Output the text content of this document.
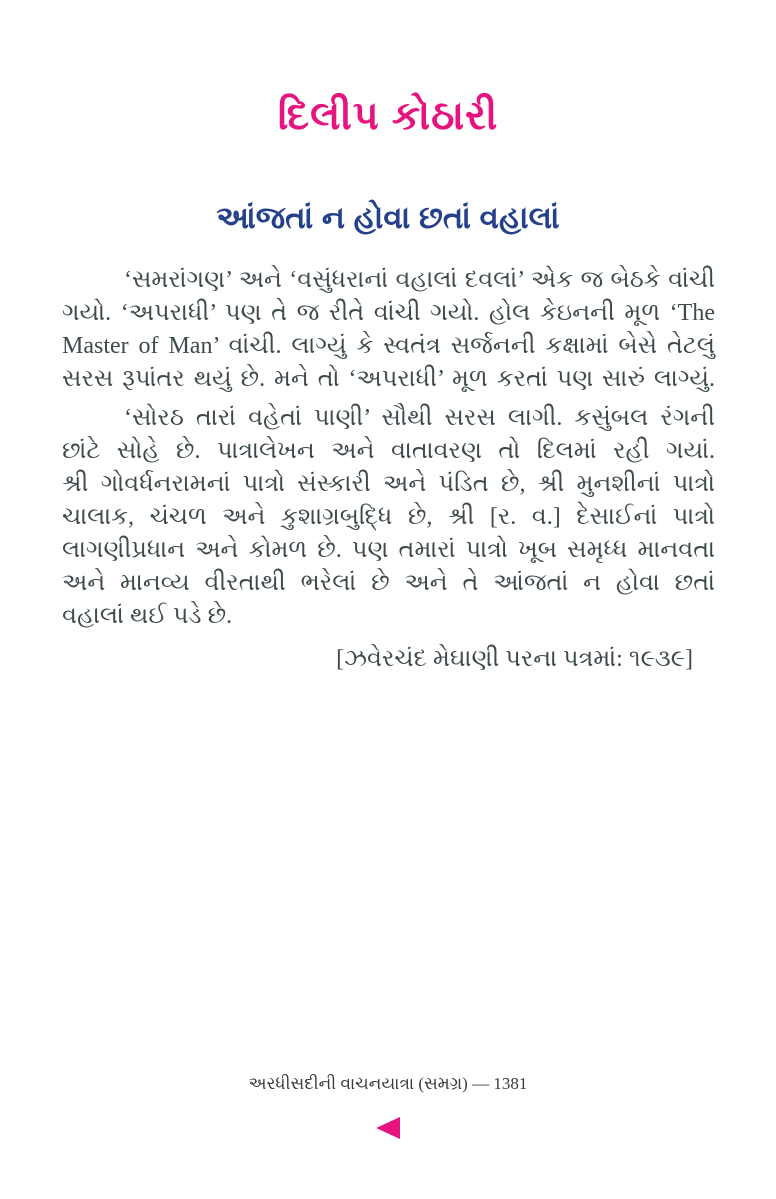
દિલીપ કોઠારી
આંજતાં ન હોવા છતાં વહાલાં
‘સમરાંગણ’ અને ‘વસુંધરાનાં વહાલાં દવલાં’ એક જ બેઠકે વાંચી
ગયો. ‘અપરાધી’ પણ તે જ રીતે વાંચી ગયો. હોલ કેઇનની મૂળ ‘The
Master of Man’ વાંચી. લાગ્યું કે સ્વતંત્ર સર્જનની કક્ષામાં બેસે તેટલું
સરસ રૂપાંતર થયું છે. મને તો ‘અપરાધી’ મૂળ કરતાં પણ સારું લાગ્યું.
‘સોરઠ તારાં વહેતાં પાણી’ સૌથી સરસ લાગી. કસુંબલ રંગની
છાંટે સોહે છે. પાત્રાલેખન અને વાતાવરણ તો દિલમાં રહી ગયાં.
શ્રી ગોવર્ધનરામનાં પાત્રો સંસ્કારી અને પંડિત છે, શ્રી મુનશીનાં પાત્રો
ચાલાક, ચંચળ અને કુશાગ્રબુદ્ધિ છે, શ્રી [ર. વ.] દેસાઈનાં પાત્રો
લાગણીપ્રધાન અને કોમળ છે. પણ તમારાં પાત્રો ખૂબ સમૃધ્ધ માનવતા
અને માનવ્ય વીરતાથી ભરેલાં છે અને તે આંજતાં ન હોવા છતાં
વહાલાં થઈ પડે છે.
[ઝવેરચંદ મેઘાણી પરના પત્રમાં: ૧૯૩૯]
અરધીસદીની વાચનયાત્રા (સમગ્ર) — 1381
